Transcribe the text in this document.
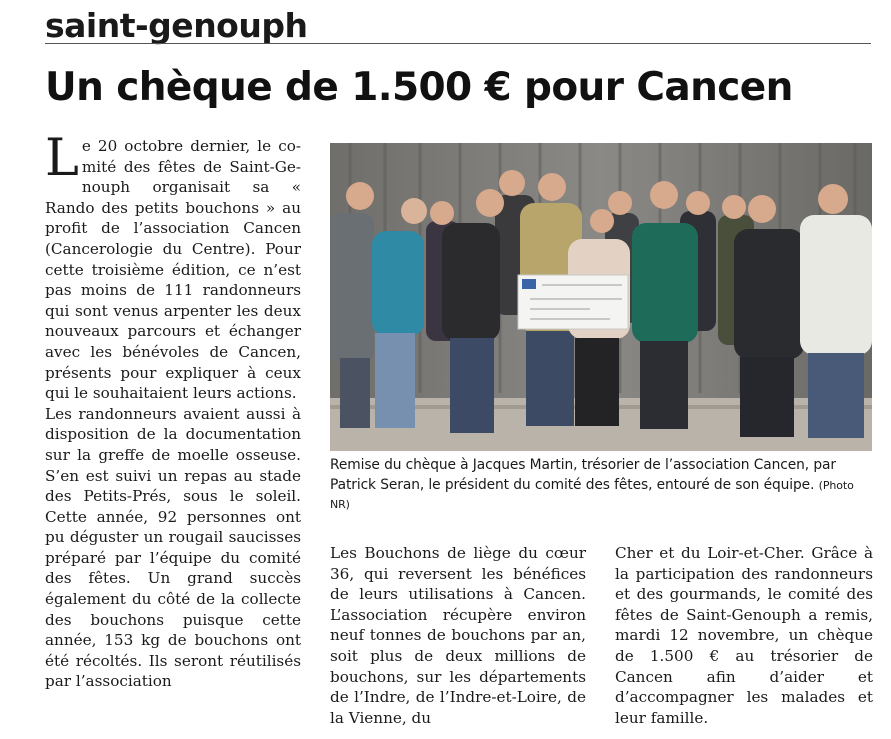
saint-genouph
Un chèque de 1.500 € pour Cancen
L e 20 octobre dernier, le comité des fêtes de Saint-Genouph organisait sa « Rando des petits bouchons » au profit de l’association Cancen (Cancerologie du Centre). Pour cette troisième édition, ce n’est pas moins de 111 randonneurs qui sont venus arpenter les deux nouveaux parcours et échanger avec les bénévoles de Cancen, présents pour expliquer à ceux qui le souhaitaient leurs actions.

Les randonneurs avaient aussi à disposition de la documentation sur la greffe de moelle osseuse. S’en est suivi un repas au stade des Petits-Prés, sous le soleil. Cette année, 92 personnes ont pu déguster un rougail saucisses préparé par l’équipe du comité des fêtes. Un grand succès également du côté de la collecte des bouchons puisque cette année, 153 kg de bouchons ont été récoltés. Ils seront réutilisés par l’association

Remise du chèque à Jacques Martin, trésorier de l’association Cancen, par Patrick Seran, le président du comité des fêtes, entouré de son équipe. (Photo NR)

Les Bouchons de liège du cœur 36, qui reversent les bénéfices de leurs utilisations à Cancen. L’association récupère environ neuf tonnes de bouchons par an, soit plus de deux millions de bouchons, sur les départements de l’Indre, de l’Indre-et-Loire, de la Vienne, du

Cher et du Loir-et-Cher. Grâce à la participation des randonneurs et des gourmands, le comité des fêtes de Saint-Genouph a remis, mardi 12 novembre, un chèque de 1.500 € au trésorier de Cancen afin d’aider et d’accompagner les malades et leur famille.
